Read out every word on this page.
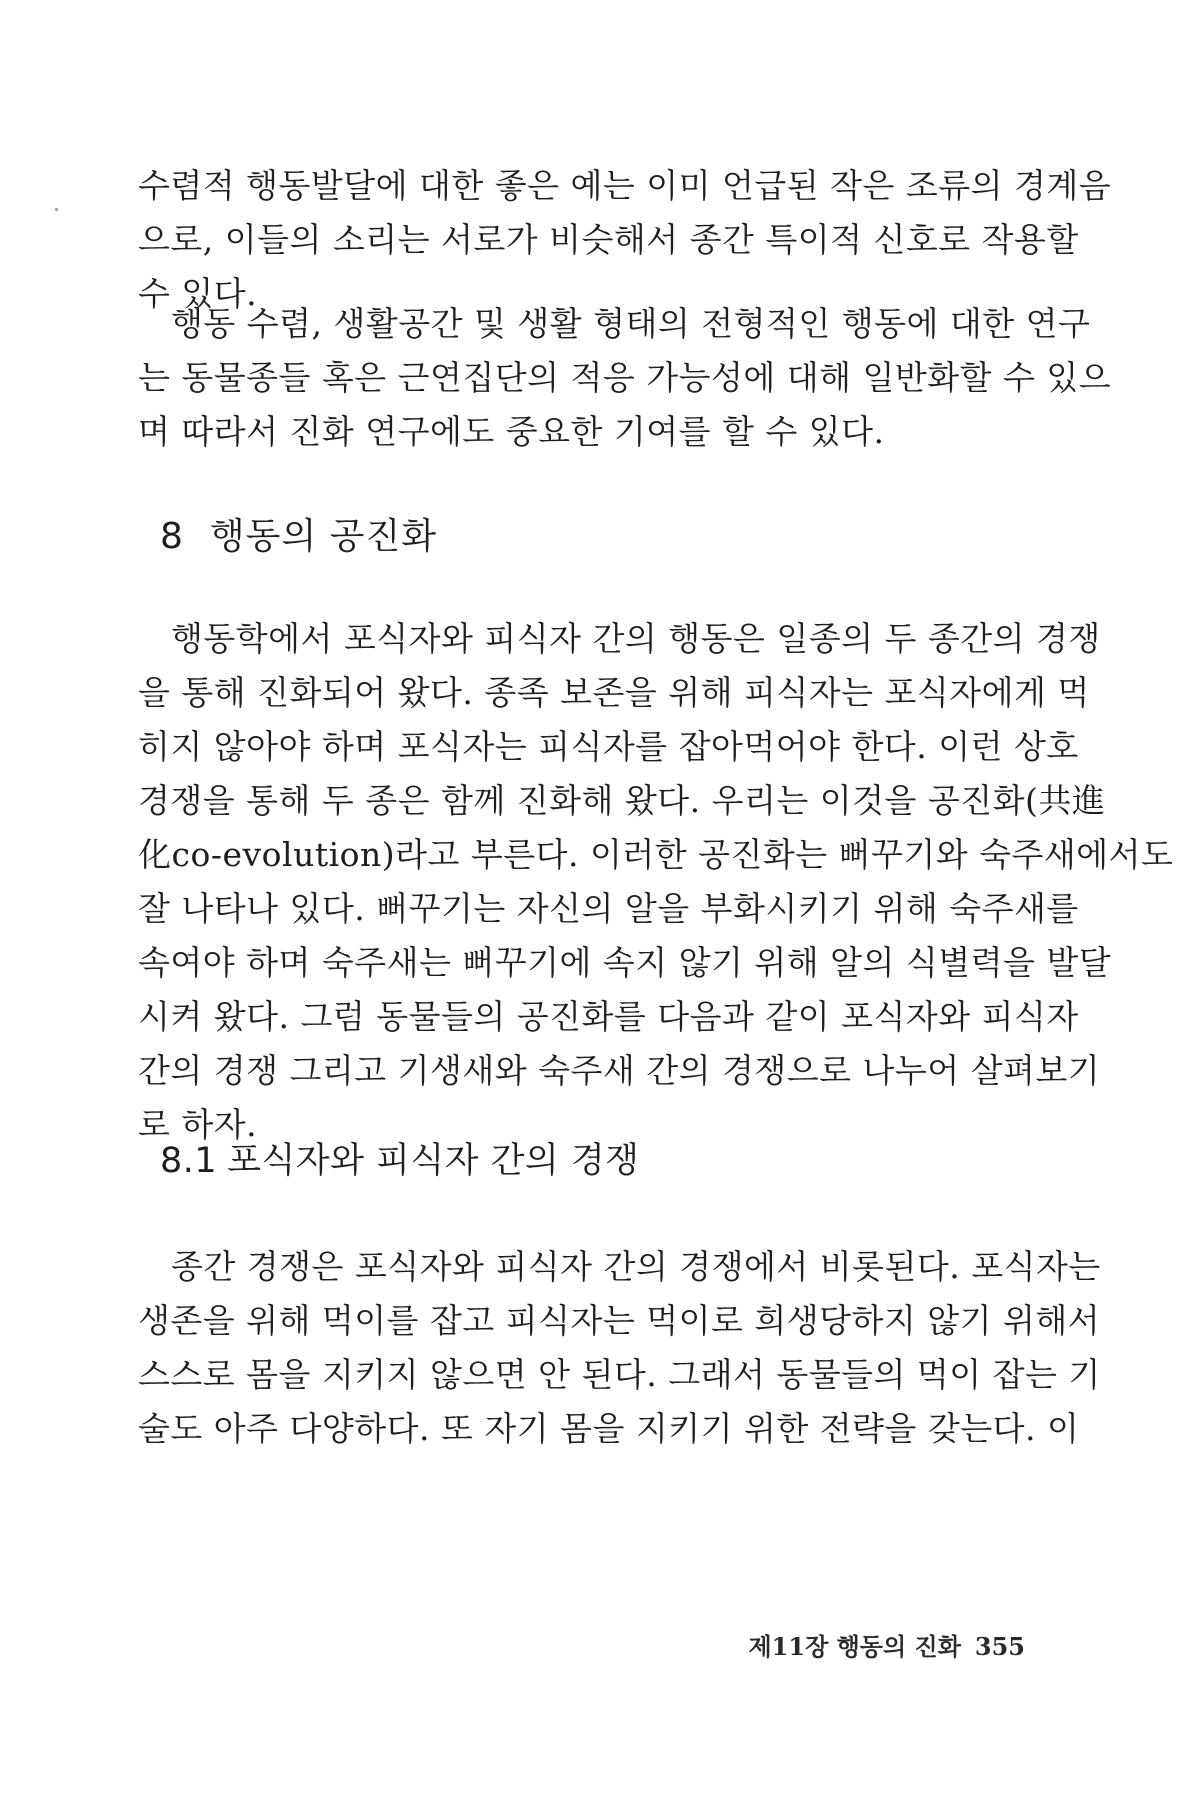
수렴적 행동발달에 대한 좋은 예는 이미 언급된 작은 조류의 경계음
으로, 이들의 소리는 서로가 비슷해서 종간 특이적 신호로 작용할
수 있다.
행동 수렴, 생활공간 및 생활 형태의 전형적인 행동에 대한 연구
는 동물종들 혹은 근연집단의 적응 가능성에 대해 일반화할 수 있으
며 따라서 진화 연구에도 중요한 기여를 할 수 있다.
8 행동의 공진화
행동학에서 포식자와 피식자 간의 행동은 일종의 두 종간의 경쟁
을 통해 진화되어 왔다. 종족 보존을 위해 피식자는 포식자에게 먹
히지 않아야 하며 포식자는 피식자를 잡아먹어야 한다. 이런 상호
경쟁을 통해 두 종은 함께 진화해 왔다. 우리는 이것을 공진화(共進
化co-evolution)라고 부른다. 이러한 공진화는 뻐꾸기와 숙주새에서도
잘 나타나 있다. 뻐꾸기는 자신의 알을 부화시키기 위해 숙주새를
속여야 하며 숙주새는 뻐꾸기에 속지 않기 위해 알의 식별력을 발달
시켜 왔다. 그럼 동물들의 공진화를 다음과 같이 포식자와 피식자
간의 경쟁 그리고 기생새와 숙주새 간의 경쟁으로 나누어 살펴보기
로 하자.
8.1 포식자와 피식자 간의 경쟁
종간 경쟁은 포식자와 피식자 간의 경쟁에서 비롯된다. 포식자는
생존을 위해 먹이를 잡고 피식자는 먹이로 희생당하지 않기 위해서
스스로 몸을 지키지 않으면 안 된다. 그래서 동물들의 먹이 잡는 기
술도 아주 다양하다. 또 자기 몸을 지키기 위한 전략을 갖는다. 이
제11장 행동의 진화 355
